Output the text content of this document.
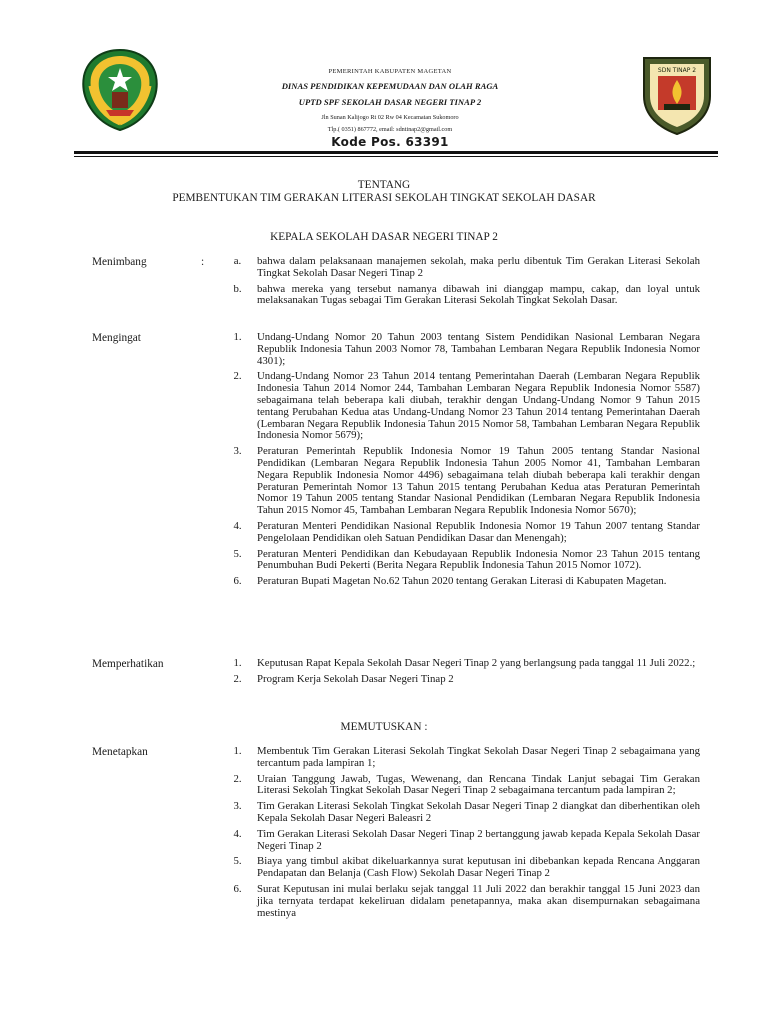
PEMERINTAH KABUPATEN MAGETAN
DINAS PENDIDIKAN KEPEMUDAAN DAN OLAH RAGA
UPTD SPF SEKOLAH DASAR NEGERI TINAP 2
Jln Sunan Kalijogo Rt 02 Rw 04 Kecamatan Sukomoro
Tlp.( 0351) 867772, email: sdntinap2@gmail.com
Kode Pos. 63391
SDN TINAP 2
TENTANG
PEMBENTUKAN TIM GERAKAN LITERASI SEKOLAH TINGKAT SEKOLAH DASAR
KEPALA SEKOLAH DASAR NEGERI TINAP 2
Menimbang	:	a.	bahwa dalam pelaksanaan manajemen sekolah, maka perlu dibentuk Tim Gerakan Literasi Sekolah Tingkat Sekolah Dasar Negeri Tinap 2
b.	bahwa mereka yang tersebut namanya dibawah ini dianggap mampu, cakap, dan loyal untuk melaksanakan Tugas sebagai Tim Gerakan Literasi Sekolah Tingkat Sekolah Dasar.
Mengingat	1.	Undang-Undang Nomor 20 Tahun 2003 tentang Sistem Pendidikan Nasional Lembaran Negara Republik Indonesia Tahun 2003 Nomor 78, Tambahan Lembaran Negara Republik Indonesia Nomor 4301);
2.	Undang-Undang Nomor 23 Tahun 2014 tentang Pemerintahan Daerah (Lembaran Negara Republik Indonesia Tahun 2014 Nomor 244, Tambahan Lembaran Negara Republik Indonesia Nomor 5587) sebagaimana telah beberapa kali diubah, terakhir dengan Undang-Undang Nomor 9 Tahun 2015 tentang Perubahan Kedua atas Undang-Undang Nomor 23 Tahun 2014 tentang Pemerintahan Daerah (Lembaran Negara Republik Indonesia Tahun 2015 Nomor 58, Tambahan Lembaran Negara Republik Indonesia Nomor 5679);
3.	Peraturan Pemerintah Republik Indonesia Nomor 19 Tahun 2005 tentang Standar Nasional Pendidikan (Lembaran Negara Republik Indonesia Tahun 2005 Nomor 41, Tambahan Lembaran Negara Republik Indonesia Nomor 4496) sebagaimana telah diubah beberapa kali terakhir dengan Peraturan Pemerintah Nomor 13 Tahun 2015 tentang Perubahan Kedua atas Peraturan Pemerintah Nomor 19 Tahun 2005 tentang Standar Nasional Pendidikan (Lembaran Negara Republik Indonesia Tahun 2015 Nomor 45, Tambahan Lembaran Negara Republik Indonesia Nomor 5670);
4.	Peraturan Menteri Pendidikan Nasional Republik Indonesia Nomor 19 Tahun 2007 tentang Standar Pengelolaan Pendidikan oleh Satuan Pendidikan Dasar dan Menengah);
5.	Peraturan Menteri Pendidikan dan Kebudayaan Republik Indonesia Nomor 23 Tahun 2015 tentang Penumbuhan Budi Pekerti (Berita Negara Republik Indonesia Tahun 2015 Nomor 1072).
6.	Peraturan Bupati Magetan No.62 Tahun 2020 tentang Gerakan Literasi di Kabupaten Magetan.
Memperhatikan	1.	Keputusan Rapat Kepala Sekolah Dasar Negeri Tinap 2 yang berlangsung pada tanggal 11 Juli 2022.;
2.	Program Kerja Sekolah Dasar Negeri Tinap 2
MEMUTUSKAN :
Menetapkan	1.	Membentuk Tim Gerakan Literasi Sekolah Tingkat Sekolah Dasar Negeri Tinap 2 sebagaimana yang tercantum pada lampiran 1;
2.	Uraian Tanggung Jawab, Tugas, Wewenang, dan Rencana Tindak Lanjut sebagai Tim Gerakan Literasi Sekolah Tingkat Sekolah Dasar Negeri Tinap 2 sebagaimana tercantum pada lampiran 2;
3.	Tim Gerakan Literasi Sekolah Tingkat Sekolah Dasar Negeri Tinap 2 diangkat dan diberhentikan oleh Kepala Sekolah Dasar Negeri Baleasri 2
4.	Tim Gerakan Literasi Sekolah Dasar Negeri Tinap 2 bertanggung jawab kepada Kepala Sekolah Dasar Negeri Tinap 2
5.	Biaya yang timbul akibat dikeluarkannya surat keputusan ini dibebankan kepada Rencana Anggaran Pendapatan dan Belanja (Cash Flow) Sekolah Dasar Negeri Tinap 2
6.	Surat Keputusan ini mulai berlaku sejak tanggal 11 Juli 2022 dan berakhir tanggal 15 Juni 2023 dan jika ternyata terdapat kekeliruan didalam penetapannya, maka akan disempurnakan sebagaimana mestinya
